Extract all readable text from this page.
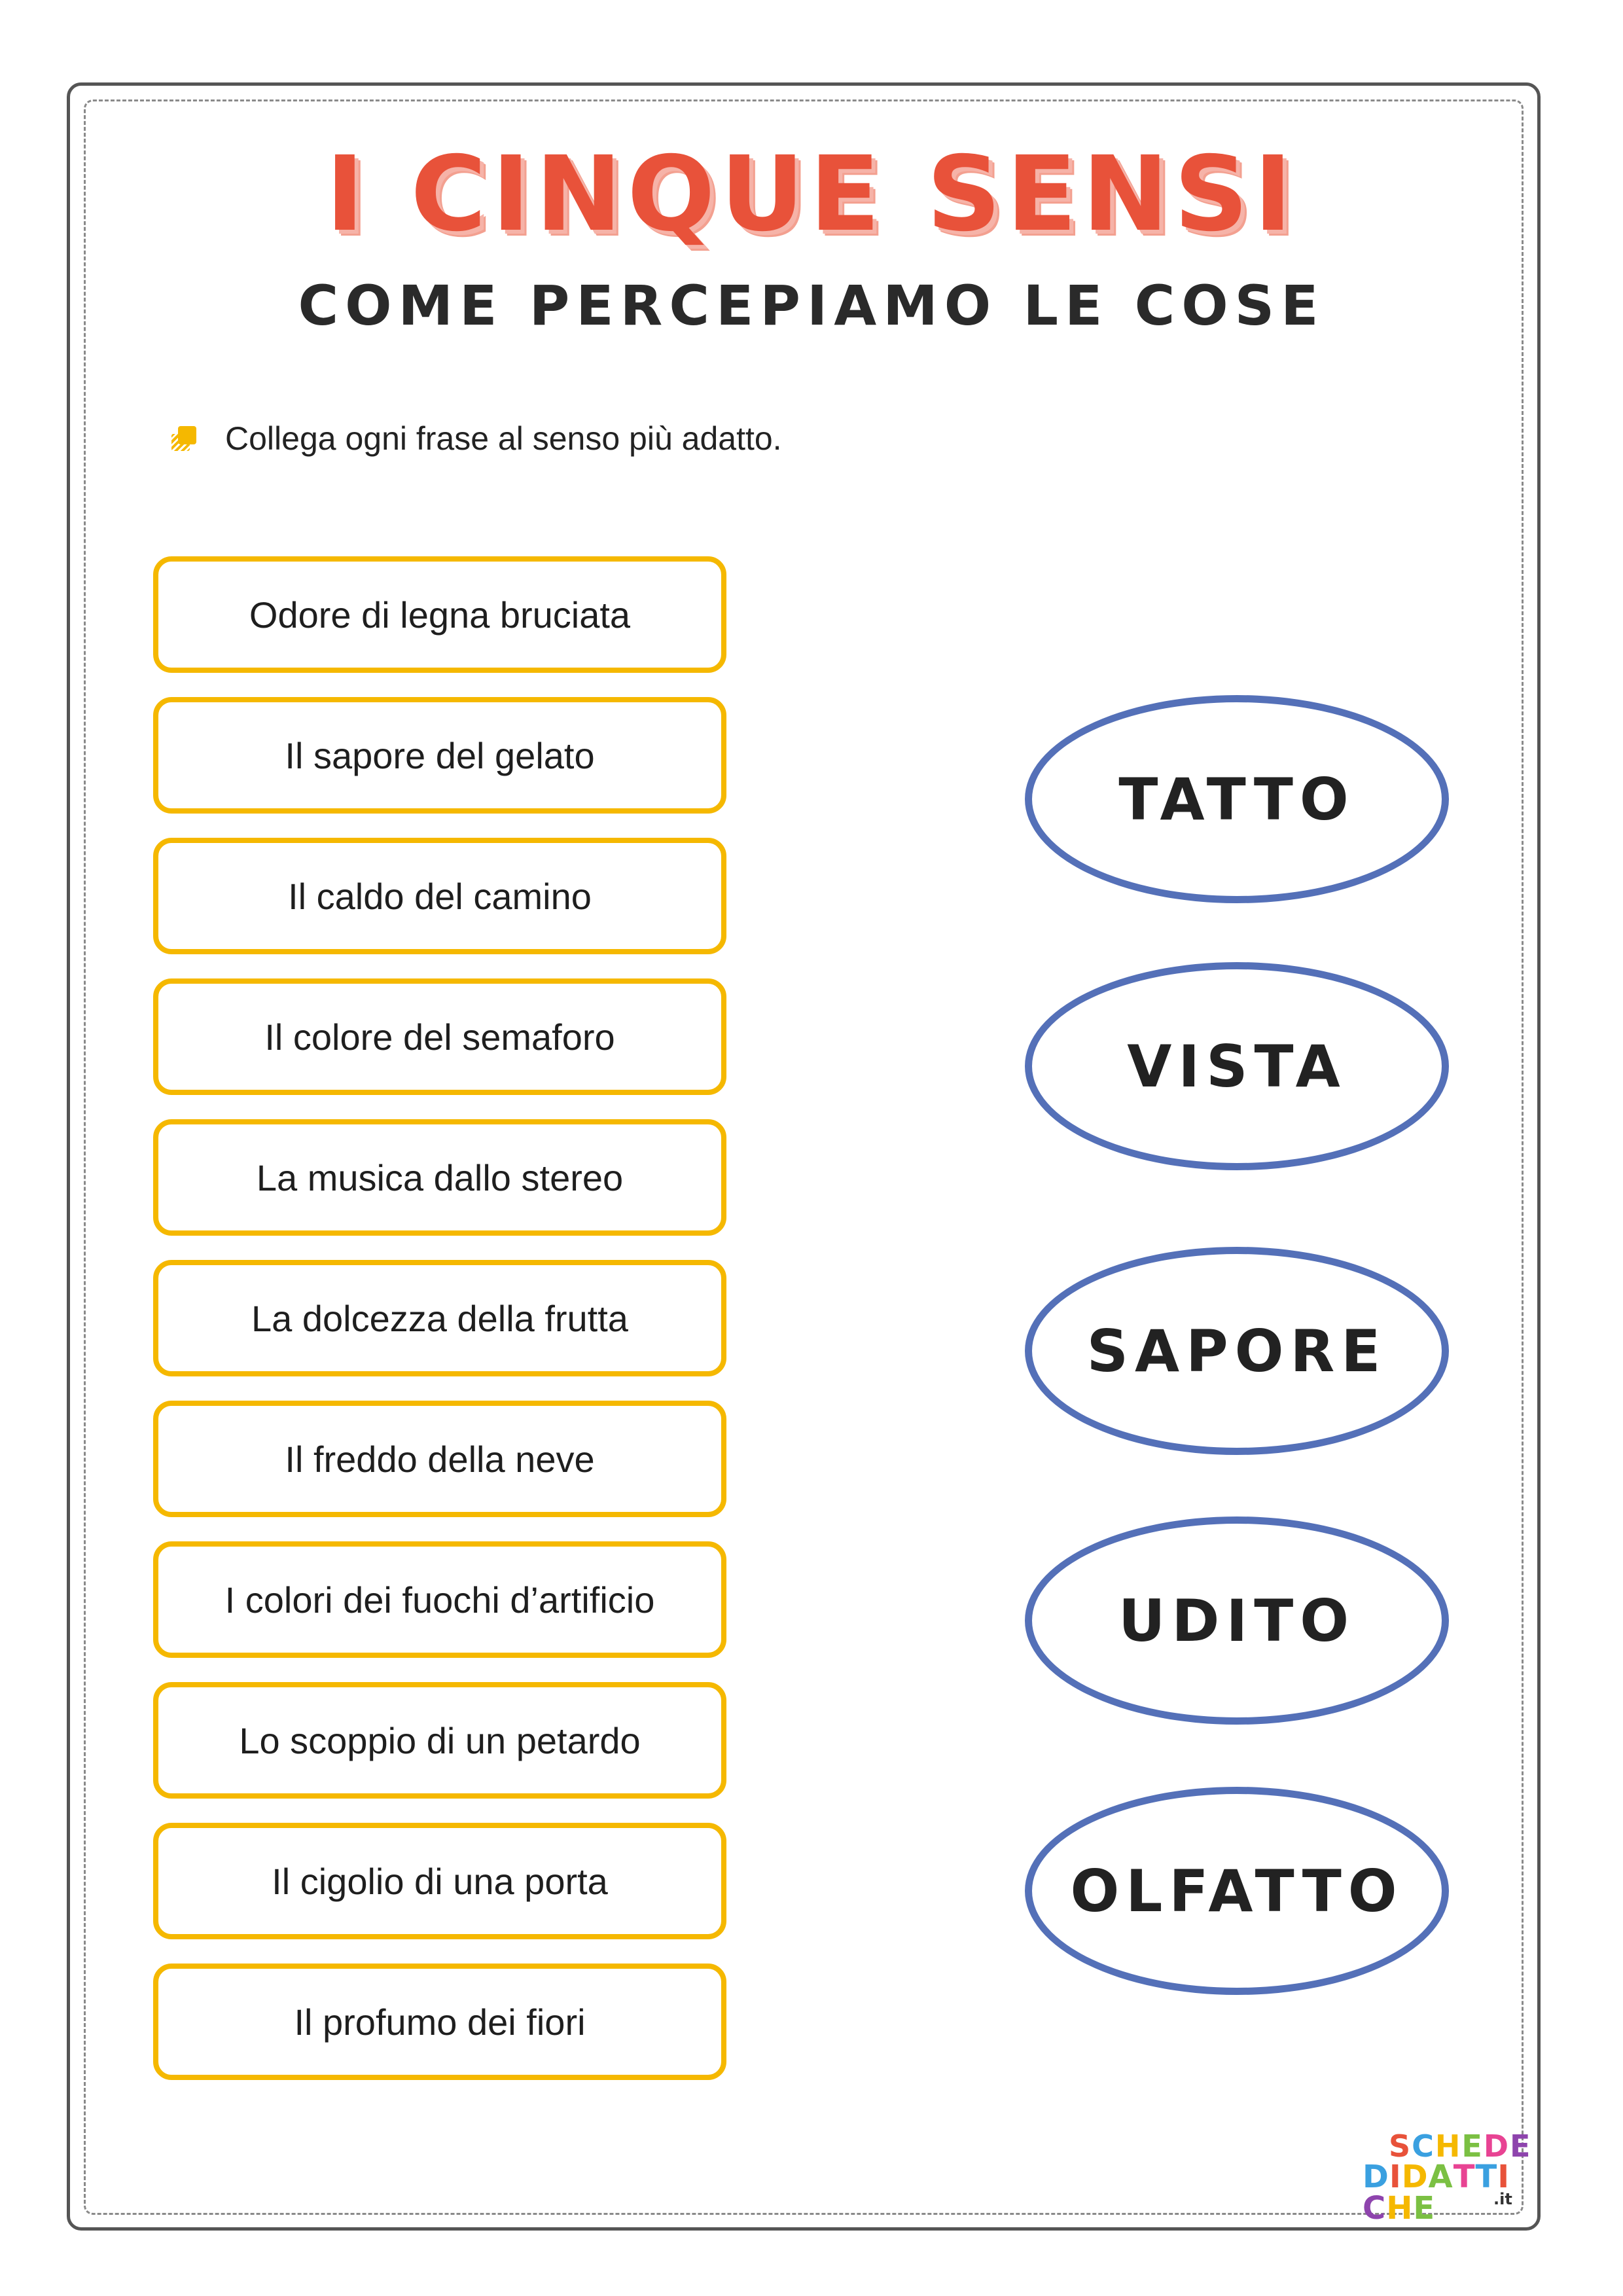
I CINQUE SENSI
COME PERCEPIAMO LE COSE
Collega ogni frase al senso più adatto.
Odore di legna bruciata
Il sapore del gelato
Il caldo del camino
Il colore del semaforo
La musica dallo stereo
La dolcezza della frutta
Il freddo della neve
I colori dei fuochi d’artificio
Lo scoppio di un petardo
Il cigolio di una porta
Il profumo dei fiori
TATTO
VISTA
SAPORE
UDITO
OLFATTO
SCHEDE
DIDATTICHE	.it
